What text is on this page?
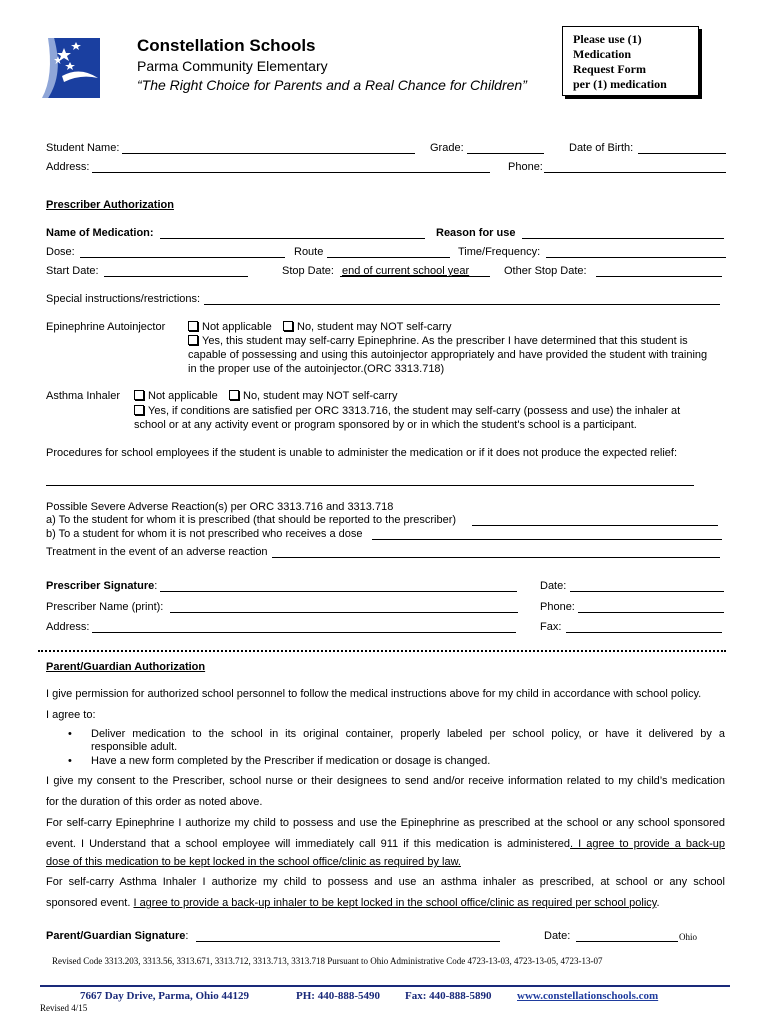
Constellation Schools
Parma Community Elementary
“The Right Choice for Parents and a Real Chance for Children”
Please use (1)
Medication
Request Form
per (1) medication
Student Name:	Grade:	Date of Birth:
Address:	Phone:
Prescriber Authorization
Name of Medication:	Reason for use
Dose:	Route	Time/Frequency:
Start Date:	Stop Date: end of current school year	Other Stop Date:
Special instructions/restrictions:
Epinephrine Autoinjector	Not applicable	No, student may NOT self-carry
Yes, this student may self-carry Epinephrine. As the prescriber I have determined that this student is
capable of possessing and using this autoinjector appropriately and have provided the student with training
in the proper use of the autoinjector.(ORC 3313.718)
Asthma Inhaler	Not applicable	No, student may NOT self-carry
Yes, if conditions are satisfied per ORC 3313.716, the student may self-carry (possess and use) the inhaler at
school or at any activity event or program sponsored by or in which the student's school is a participant.
Procedures for school employees if the student is unable to administer the medication or if it does not produce the expected relief:
Possible Severe Adverse Reaction(s) per ORC 3313.716 and 3313.718
a) To the student for whom it is prescribed (that should be reported to the prescriber)
b) To a student for whom it is not prescribed who receives a dose
Treatment in the event of an adverse reaction
Prescriber Signature:	Date:
Prescriber Name (print):	Phone:
Address:	Fax:
Parent/Guardian Authorization
I give permission for authorized school personnel to follow the medical instructions above for my child in accordance with school policy.
I agree to:
• Deliver medication to the school in its original container, properly labeled per school policy, or have it delivered by a
responsible adult.
• Have a new form completed by the Prescriber if medication or dosage is changed.
I give my consent to the Prescriber, school nurse or their designees to send and/or receive information related to my child’s medication
for the duration of this order as noted above.
For self-carry Epinephrine I authorize my child to possess and use the Epinephrine as prescribed at the school or any school sponsored
event. I Understand that a school employee will immediately call 911 if this medication is administered. I agree to provide a back-up
dose of this medication to be kept locked in the school office/clinic as required by law.
For self-carry Asthma Inhaler I authorize my child to possess and use an asthma inhaler as prescribed, at school or any school
sponsored event. I agree to provide a back-up inhaler to be kept locked in the school office/clinic as required per school policy.
Parent/Guardian Signature:	Date:	Ohio
Revised Code 3313.203, 3313.56, 3313.671, 3313.712, 3313.713, 3313.718 Pursuant to Ohio Administrative Code 4723-13-03, 4723-13-05, 4723-13-07
7667 Day Drive, Parma, Ohio 44129	PH: 440-888-5490 Fax: 440-888-5890 www.constellationschools.com
Revised 4/15
